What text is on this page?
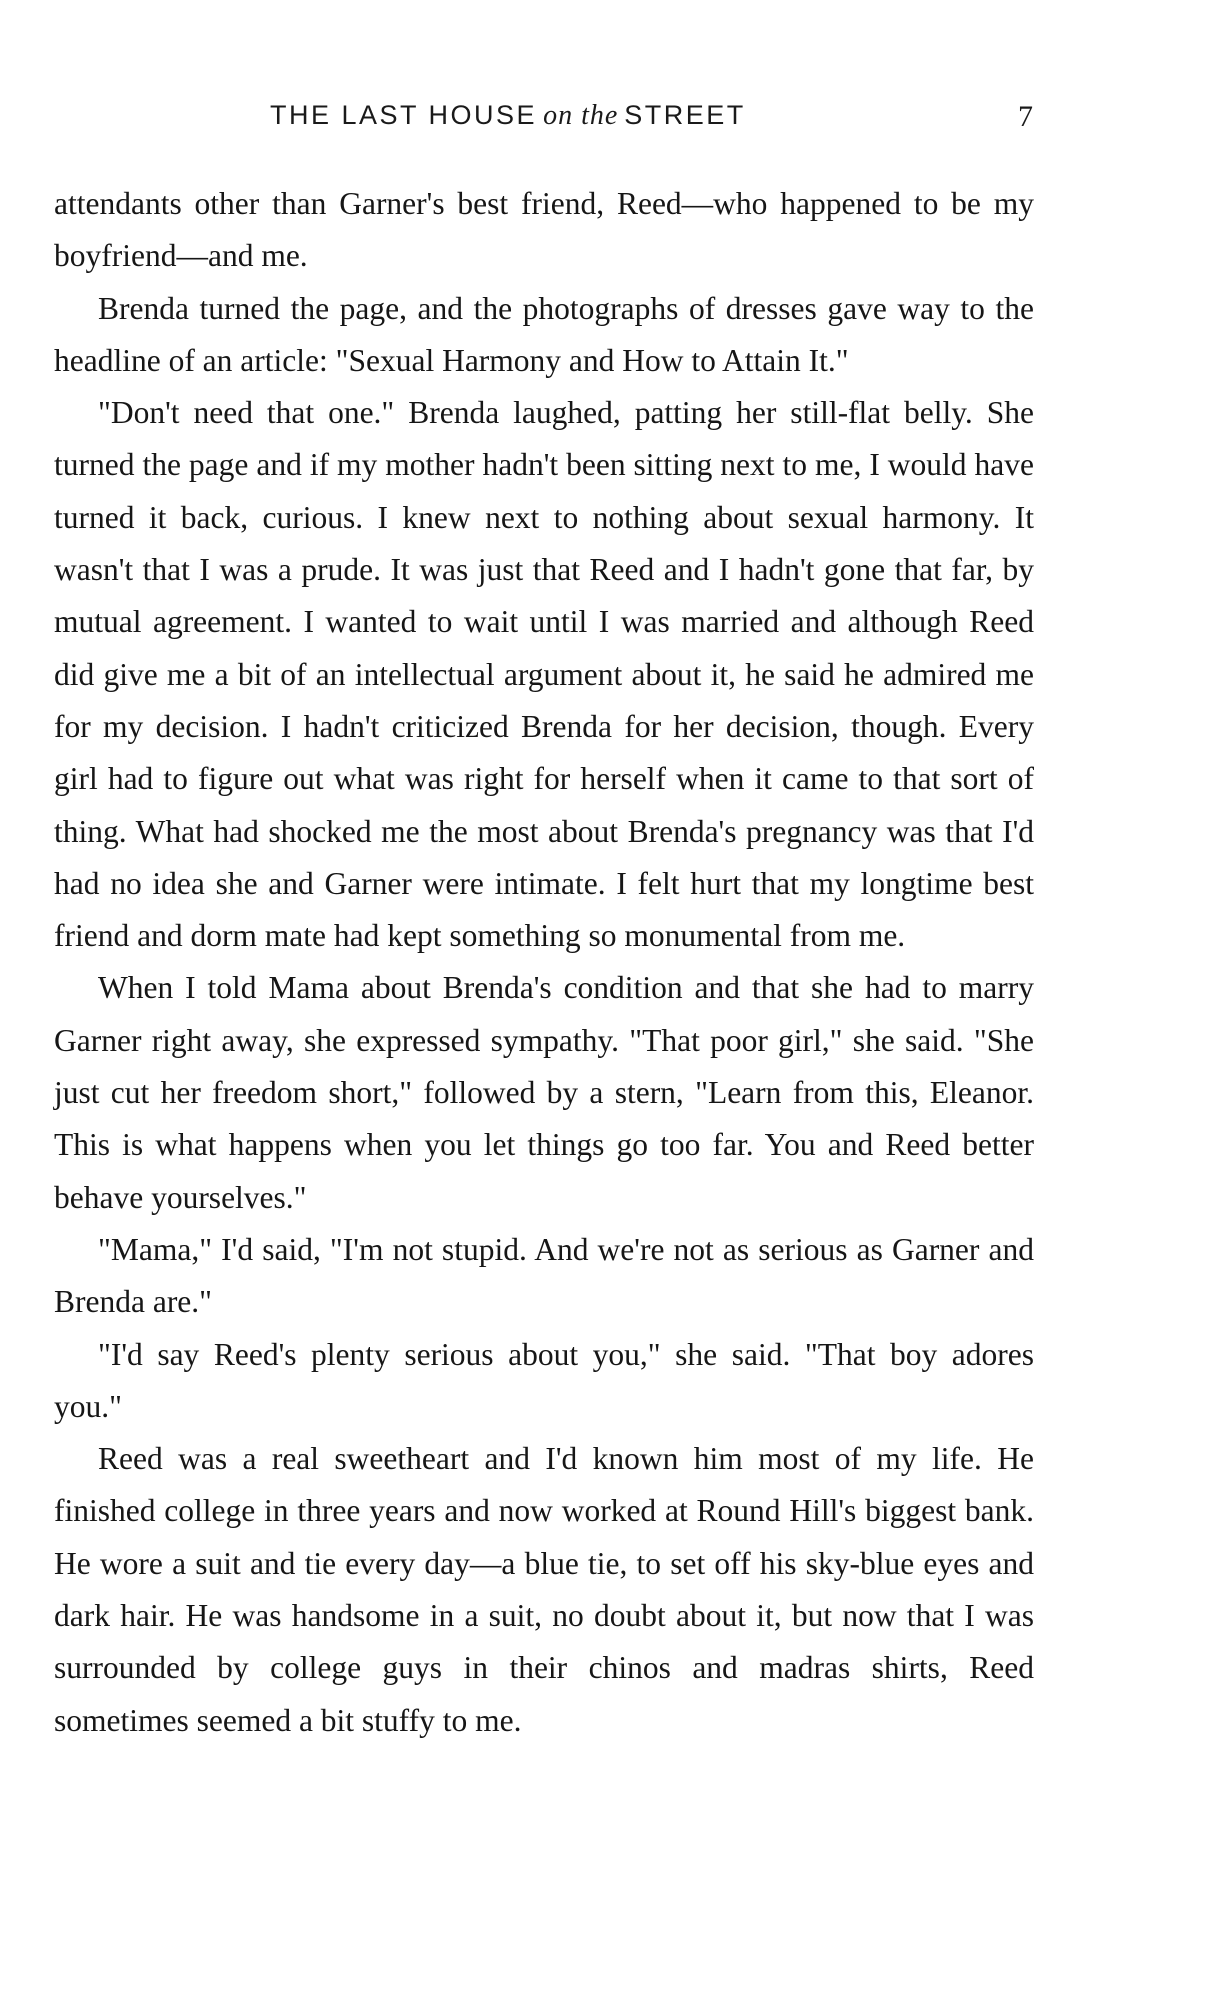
THE LAST HOUSE on the STREET	7

attendants other than Garner's best friend, Reed—who happened to be my boyfriend—and me.

Brenda turned the page, and the photographs of dresses gave way to the headline of an article: "Sexual Harmony and How to Attain It."

"Don't need that one." Brenda laughed, patting her still-flat belly. She turned the page and if my mother hadn't been sitting next to me, I would have turned it back, curious. I knew next to nothing about sexual harmony. It wasn't that I was a prude. It was just that Reed and I hadn't gone that far, by mutual agreement. I wanted to wait until I was married and although Reed did give me a bit of an intellectual argument about it, he said he admired me for my decision. I hadn't criticized Brenda for her decision, though. Every girl had to figure out what was right for herself when it came to that sort of thing. What had shocked me the most about Brenda's pregnancy was that I'd had no idea she and Garner were intimate. I felt hurt that my longtime best friend and dorm mate had kept something so monumental from me.

When I told Mama about Brenda's condition and that she had to marry Garner right away, she expressed sympathy. "That poor girl," she said. "She just cut her freedom short," followed by a stern, "Learn from this, Eleanor. This is what happens when you let things go too far. You and Reed better behave yourselves."

"Mama," I'd said, "I'm not stupid. And we're not as serious as Garner and Brenda are."

"I'd say Reed's plenty serious about you," she said. "That boy adores you."

Reed was a real sweetheart and I'd known him most of my life. He finished college in three years and now worked at Round Hill's biggest bank. He wore a suit and tie every day—a blue tie, to set off his sky-blue eyes and dark hair. He was handsome in a suit, no doubt about it, but now that I was surrounded by college guys in their chinos and madras shirts, Reed sometimes seemed a bit stuffy to me.
